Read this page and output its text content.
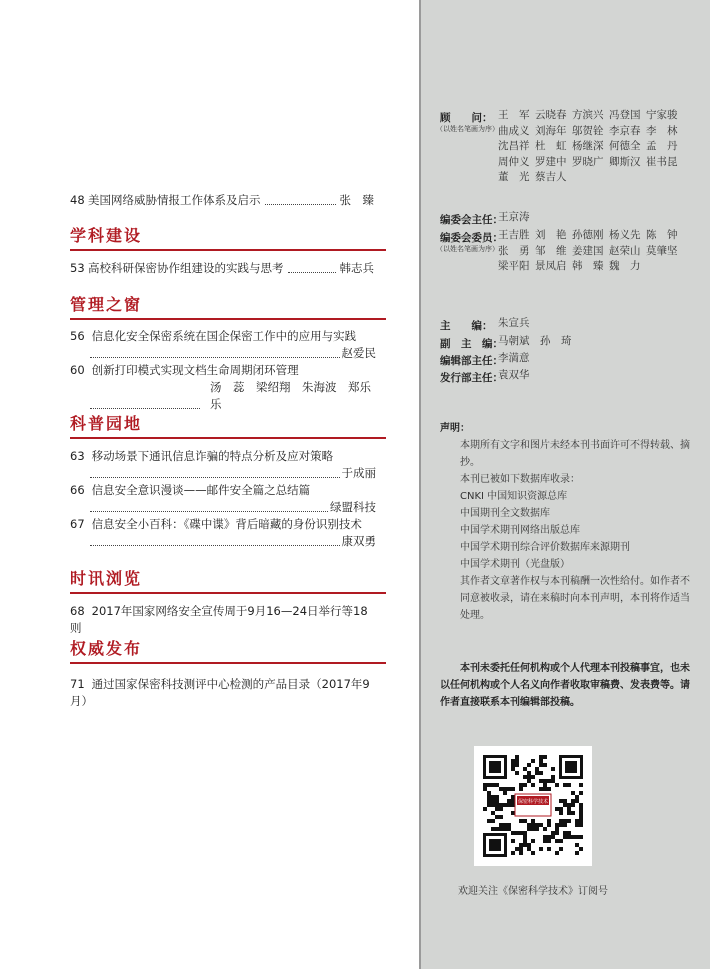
48 美国网络威胁情报工作体系及启示	张　臻
学科建设
53 高校科研保密协作组建设的实践与思考	韩志兵
管理之窗
56 信息化安全保密系统在国企保密工作中的应用与实践
赵爱民
60 创新打印模式实现文档生命周期闭环管理
汤　蕊　梁绍翔　朱海波　郑乐乐
科普园地
63 移动场景下通讯信息诈骗的特点分析及应对策略
于成丽
66 信息安全意识漫谈——邮件安全篇之总结篇
绿盟科技
67 信息安全小百科：《碟中谍》背后暗藏的身份识别技术
康双勇
时讯浏览
68 2017年国家网络安全宣传周于9月16—24日举行等18则
权威发布
71 通过国家保密科技测评中心检测的产品目录（2017年9月）
顾　　问：
（以姓名笔画为序）
王　军 云晓春 方滨兴 冯登国 宁家骏
曲成义 刘海年 邬贺铨 李京春 李　林
沈昌祥 杜　虹 杨继深 何德全 孟　丹
周仲义 罗建中 罗晓广 卿斯汉 崔书昆
董　光 蔡吉人
编委会主任：
王京涛
编委会委员：
（以姓名笔画为序）
王吉胜 刘　艳 孙德刚 杨义先 陈　钟
张　勇 邹　维 姜建国 赵荣山 莫肇坚
梁平阳 景凤启 韩　臻 魏　力
主　　编： 朱宣兵
副　主　编：
马朝斌　孙　琦
编辑部主任：
李満意
发行部主任：
袁双华

声明：

本期所有文字和图片未经本刊书面许可不得转载、摘抄。

本刊已被如下数据库收录：

CNKI 中国知识资源总库

中国期刊全文数据库

中国学术期刊网络出版总库

中国学术期刊综合评价数据库来源期刊

中国学术期刊（光盘版）

其作者文章著作权与本刊稿酬一次性给付。如作者不同意被收录，请在来稿时向本刊声明，本刊将作适当处理。

本刊未委托任何机构或个人代理本刊投稿事宜，也未以任何机构或个人名义向作者收取审稿费、发表费等。请作者直接联系本刊编辑部投稿。

保密科学技术
欢迎关注《保密科学技术》订阅号
